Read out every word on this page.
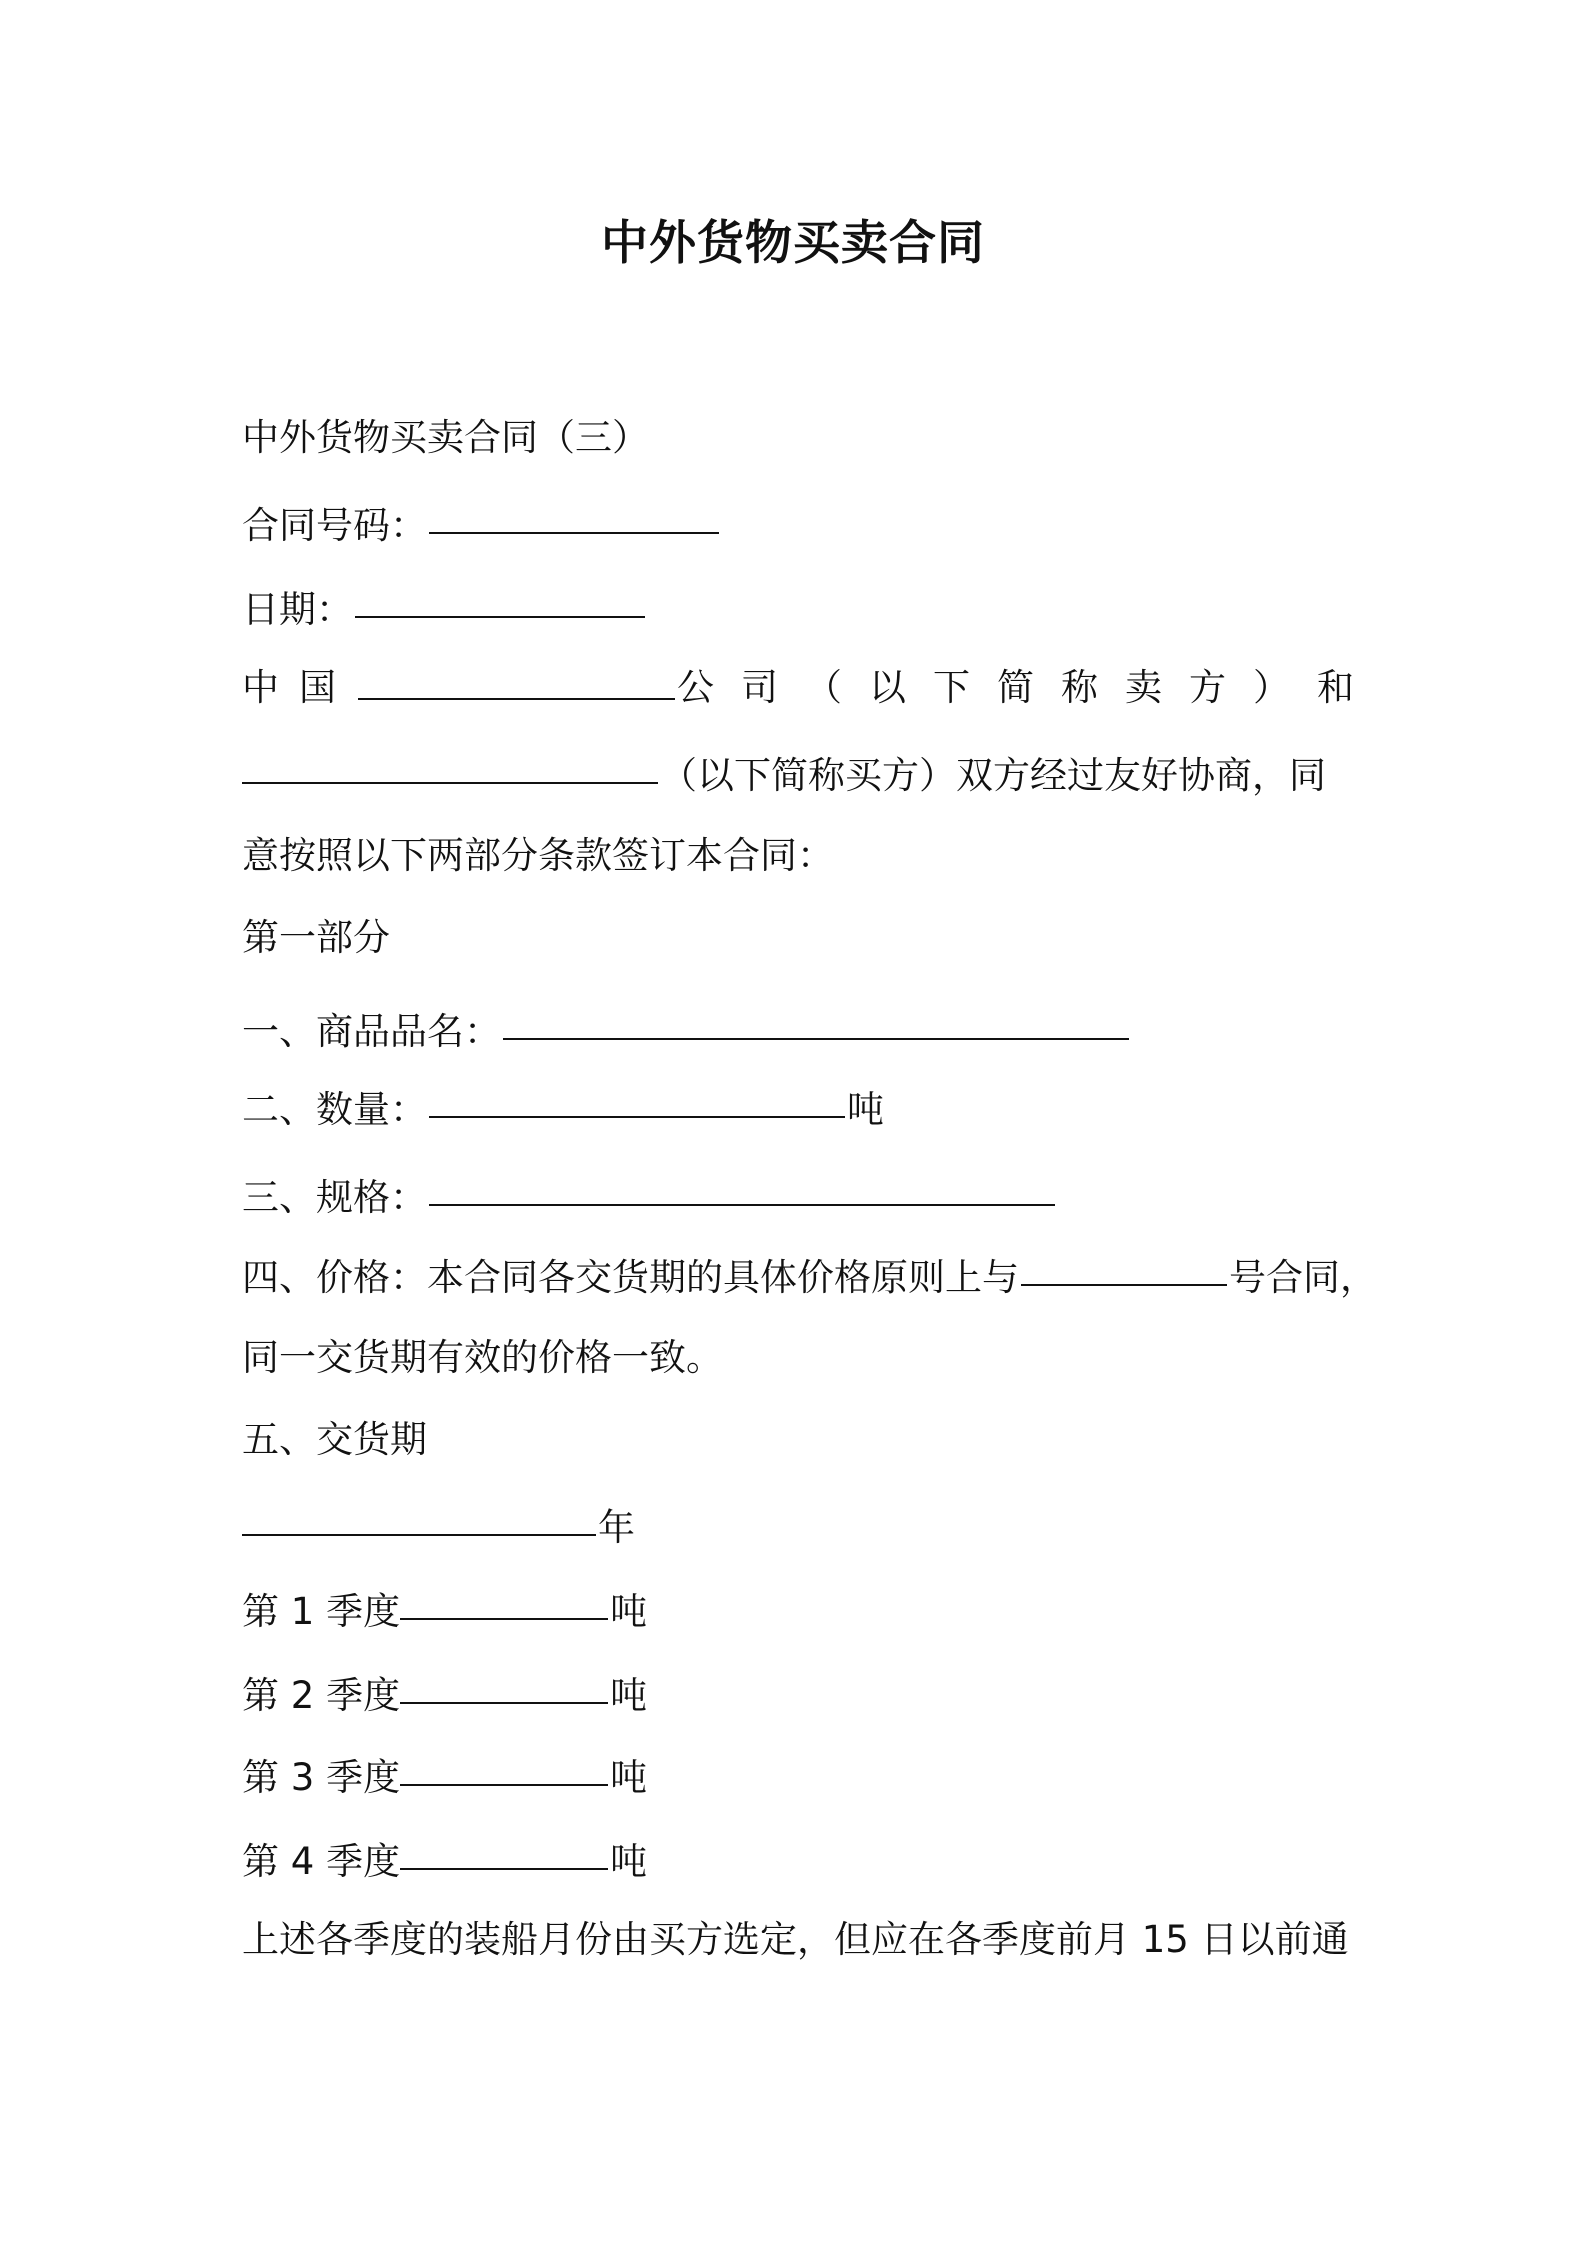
中外货物买卖合同
中外货物买卖合同（三）
合同号码：
日期：
中国	公司（以下简称卖方） 和
（以下简称买方）双方经过友好协商，同
意按照以下两部分条款签订本合同：
第一部分
一、商品品名：
二、数量：	吨
三、规格：
四、价格：本合同各交货期的具体价格原则上与	号合同，
同一交货期有效的价格一致。
五、交货期
年
第 1 季度	吨
第 2 季度	吨
第 3 季度	吨
第 4 季度	吨
上述各季度的装船月份由买方选定，但应在各季度前月 15 日以前通
